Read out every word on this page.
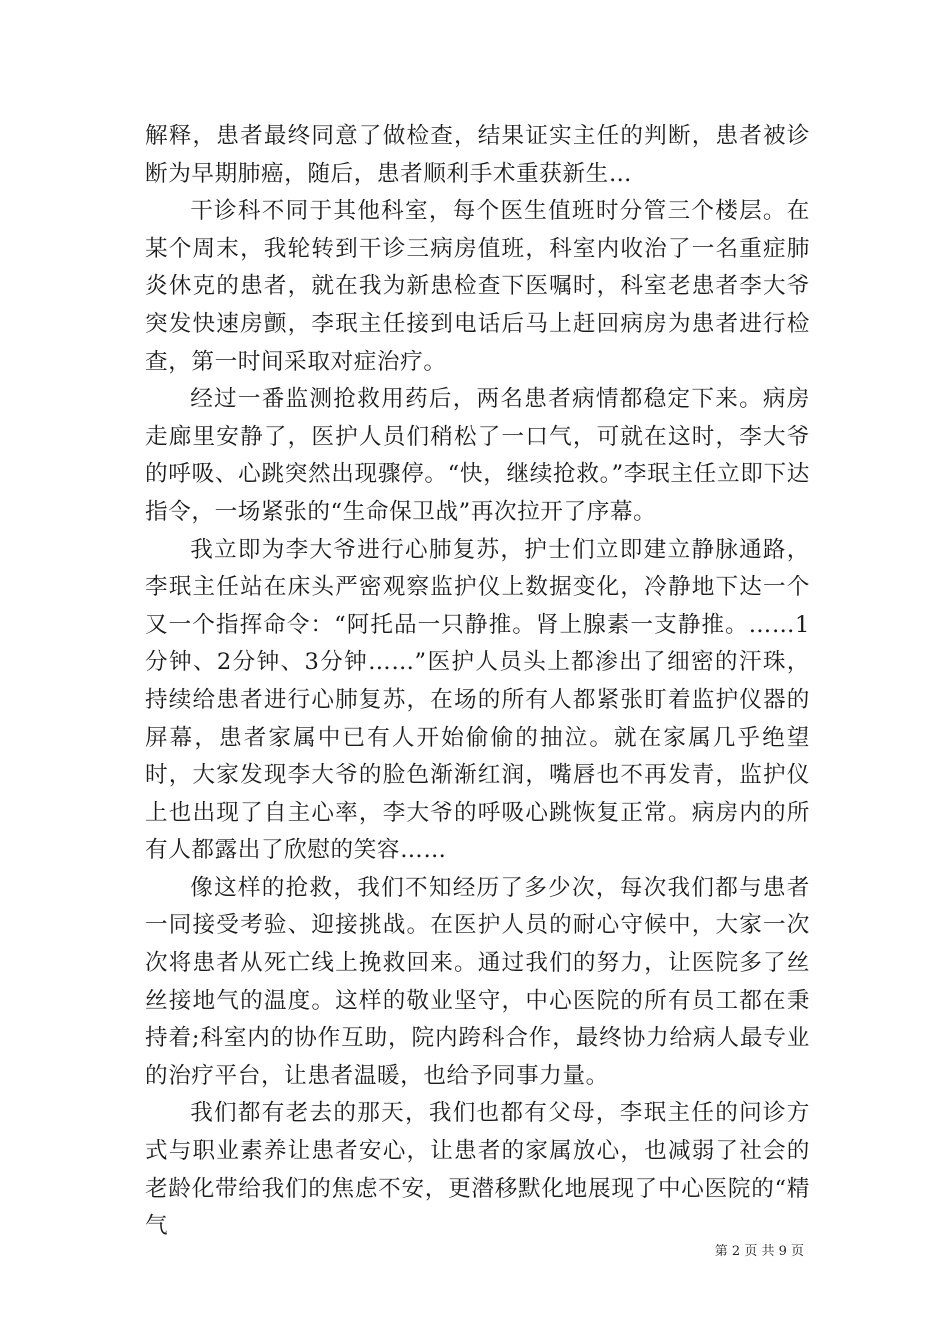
解释，患者最终同意了做检查，结果证实主任的判断，患者被诊断为早期肺癌，随后，患者顺利手术重获新生…

干诊科不同于其他科室，每个医生值班时分管三个楼层。在某个周末，我轮转到干诊三病房值班，科室内收治了一名重症肺炎休克的患者，就在我为新患检查下医嘱时，科室老患者李大爷突发快速房颤，李珉主任接到电话后马上赶回病房为患者进行检查，第一时间采取对症治疗。

经过一番监测抢救用药后，两名患者病情都稳定下来。病房走廊里安静了，医护人员们稍松了一口气，可就在这时，李大爷的呼吸、心跳突然出现骤停。“快，继续抢救。”李珉主任立即下达指令，一场紧张的“生命保卫战”再次拉开了序幕。

我立即为李大爷进行心肺复苏，护士们立即建立静脉通路，李珉主任站在床头严密观察监护仪上数据变化，冷静地下达一个又一个指挥命令：“阿托品一只静推。肾上腺素一支静推。……1分钟、2分钟、3分钟……”医护人员头上都渗出了细密的汗珠，持续给患者进行心肺复苏，在场的所有人都紧张盯着监护仪器的屏幕，患者家属中已有人开始偷偷的抽泣。就在家属几乎绝望时，大家发现李大爷的脸色渐渐红润，嘴唇也不再发青，监护仪上也出现了自主心率，李大爷的呼吸心跳恢复正常。病房内的所有人都露出了欣慰的笑容……

像这样的抢救，我们不知经历了多少次，每次我们都与患者一同接受考验、迎接挑战。在医护人员的耐心守候中，大家一次次将患者从死亡线上挽救回来。通过我们的努力，让医院多了丝丝接地气的温度。这样的敬业坚守，中心医院的所有员工都在秉持着;科室内的协作互助，院内跨科合作，最终协力给病人最专业的治疗平台，让患者温暖，也给予同事力量。

我们都有老去的那天，我们也都有父母，李珉主任的问诊方式与职业素养让患者安心，让患者的家属放心，也减弱了社会的老龄化带给我们的焦虑不安，更潜移默化地展现了中心医院的“精气

第 2 页 共 9 页
